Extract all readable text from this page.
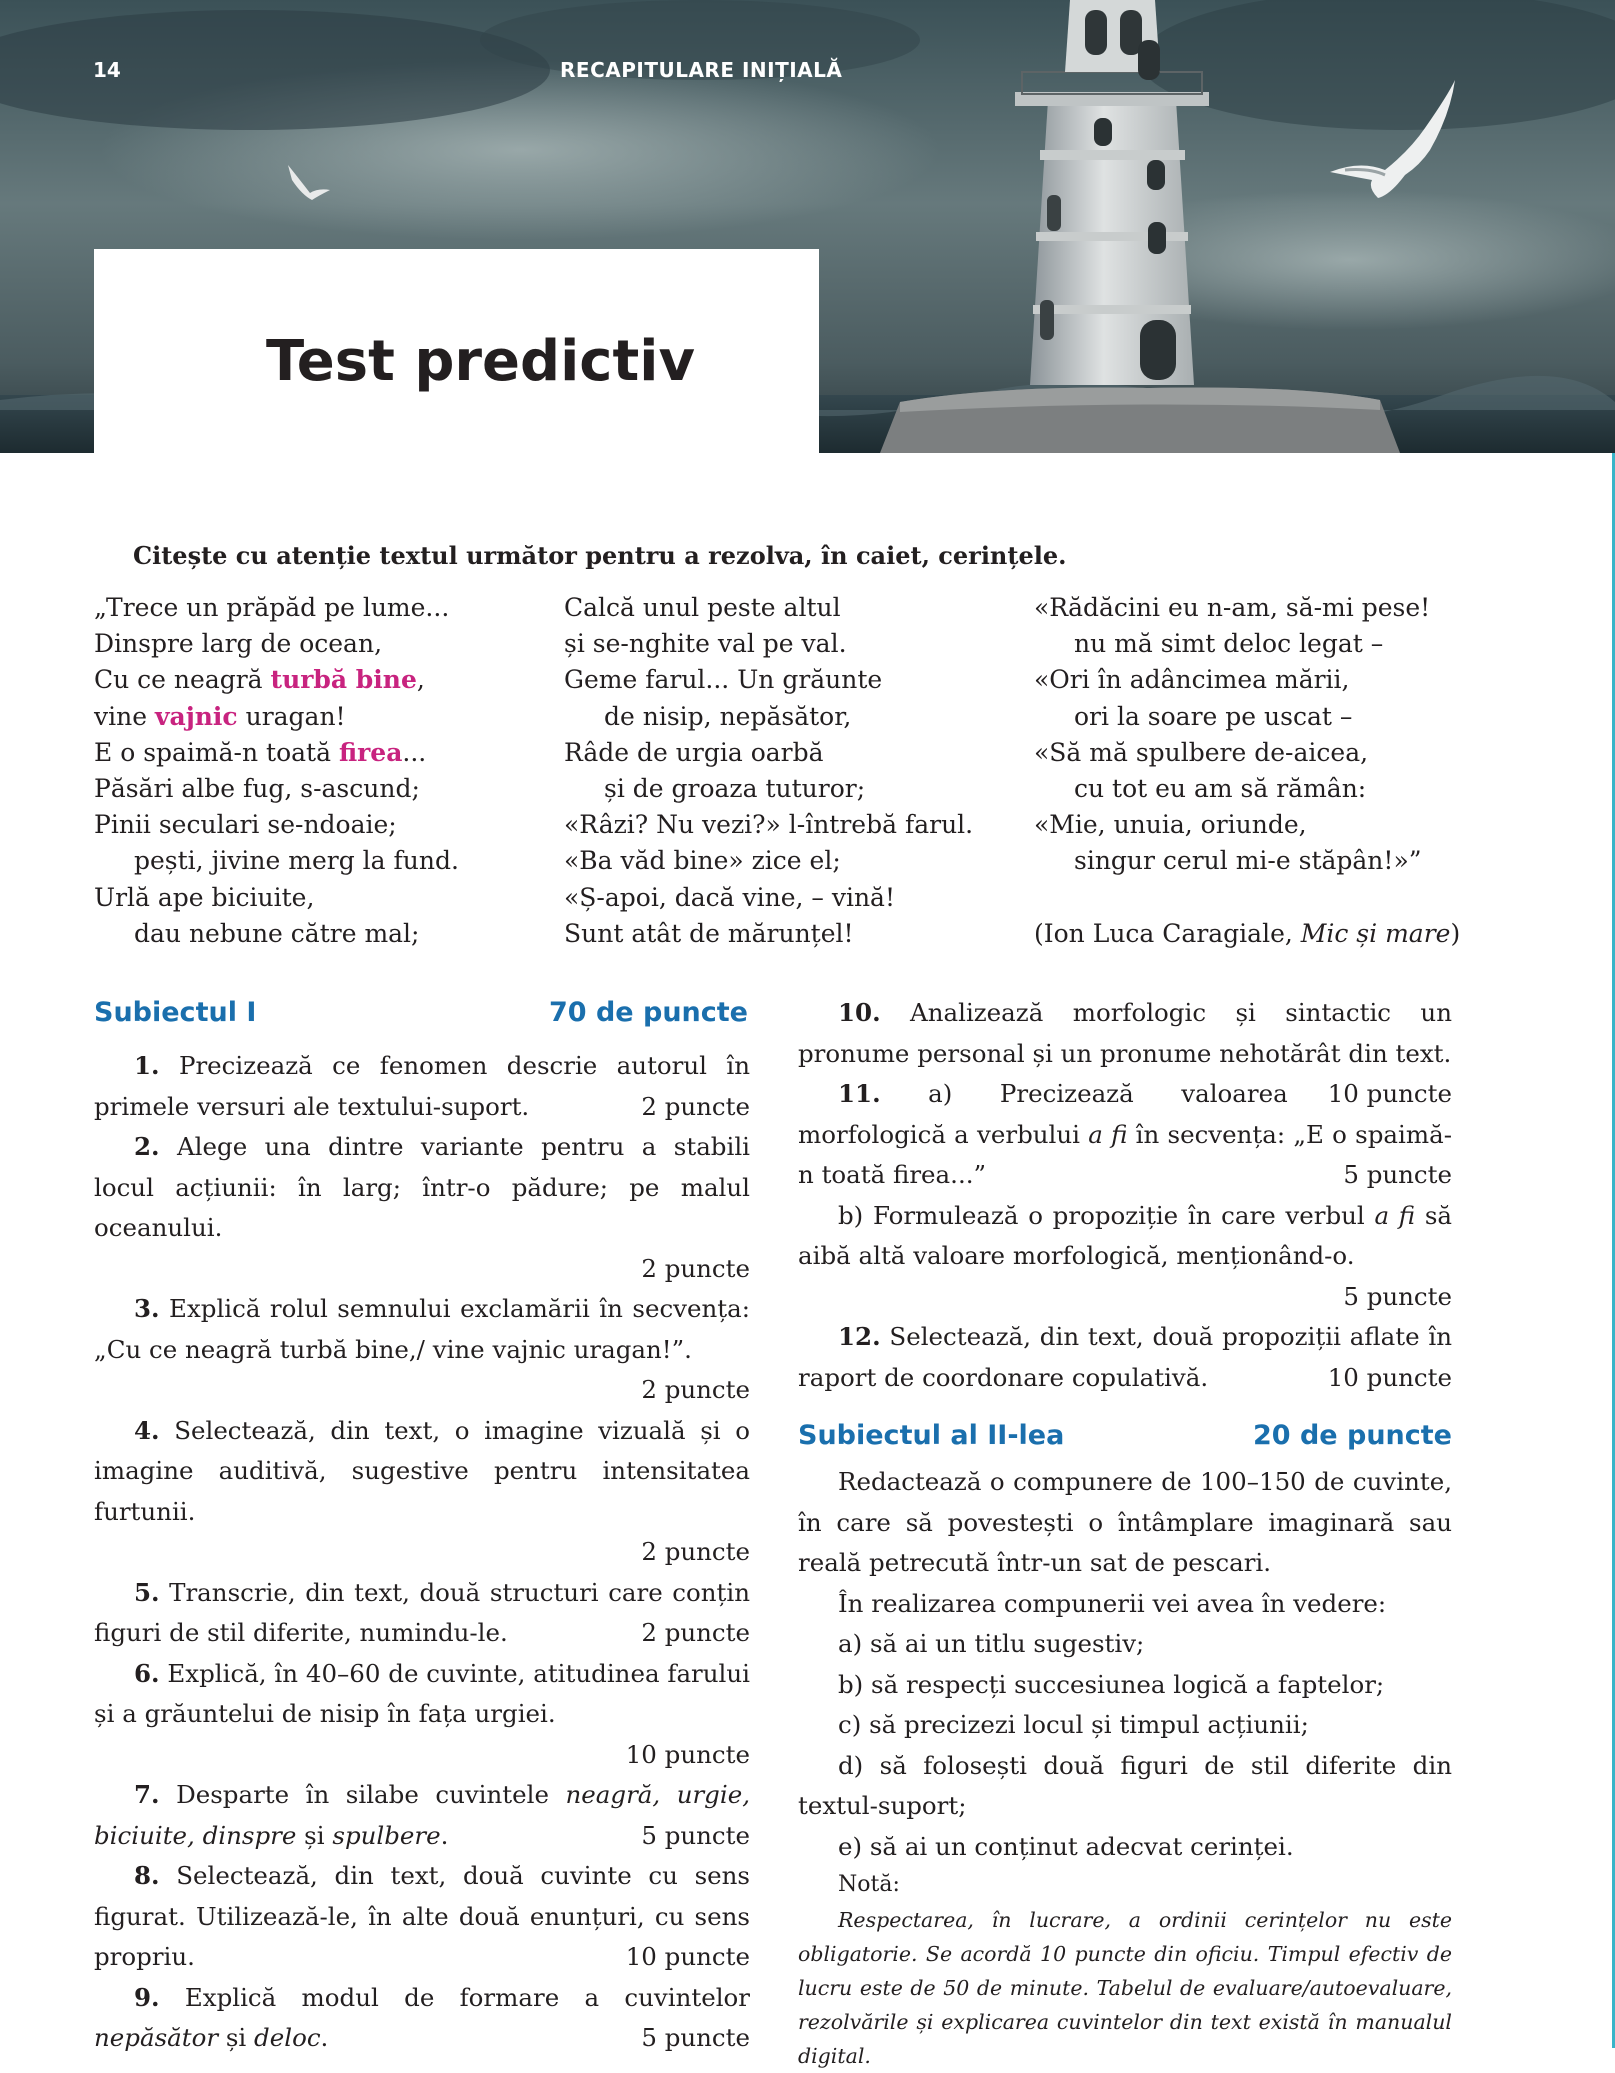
14	RECAPITULARE INIȚIALĂ
Test predictiv

Citește cu atenție textul următor pentru a rezolva, în caiet, cerințele.

„Trece un prăpăd pe lume...
Dinspre larg de ocean,
Cu ce neagră turbă bine,
vine vajnic uragan!
E o spaimă-n toată firea...
Păsări albe fug, s-ascund;
Pinii seculari se-ndoaie;
pești, jivine merg la fund.
Urlă ape biciuite,
dau nebune către mal;
Calcă unul peste altul
și se-nghite val pe val.
Geme farul... Un grăunte
de nisip, nepăsător,
Râde de urgia oarbă
și de groaza tuturor;
«Râzi? Nu vezi?» l-întrebă farul.
«Ba văd bine» zice el;
«Ș-apoi, dacă vine, – vină!
Sunt atât de mărunțel!
«Rădăcini eu n-am, să-mi pese!
nu mă simt deloc legat –
«Ori în adâncimea mării,
ori la soare pe uscat –
«Să mă spulbere de-aicea,
cu tot eu am să rămân:
«Mie, unuia, oriunde,
singur cerul mi-e stăpân!»”
(Ion Luca Caragiale, Mic și mare)
Subiectul I	70 de puncte

1. Precizează ce fenomen descrie autorul în primele versuri ale textului-suport.	2 puncte

2. Alege una dintre variante pentru a stabili locul acțiunii: în larg; într-o pădure; pe malul oceanului.

2 puncte

3. Explică rolul semnului exclamării în secvența: „Cu ce neagră turbă bine,/ vine vajnic uragan!”.

2 puncte

4. Selectează, din text, o imagine vizuală și o imagine auditivă, sugestive pentru intensitatea furtunii.

2 puncte

5. Transcrie, din text, două structuri care conțin figuri de stil diferite, numindu-le.	2 puncte

6. Explică, în 40–60 de cuvinte, atitudinea farului și a grăuntelui de nisip în fața urgiei.

10 puncte

7. Desparte în silabe cuvintele neagră, urgie, biciuite, dinspre și spulbere.	5 puncte

8. Selectează, din text, două cuvinte cu sens figurat. Utilizează-le, în alte două enunțuri, cu sens propriu.	10 puncte

9. Explică modul de formare a cuvintelor nepăsător și deloc.	5 puncte

10. Analizează morfologic și sintactic un pronume personal și un pronume nehotărât din text.
10 puncte

11. a) Precizează valoarea morfologică a verbului a fi în secvența: „E o spaimă-n toată firea...”	5 puncte

b) Formulează o propoziție în care verbul a fi să aibă altă valoare morfologică, menționând-o.

5 puncte

12. Selectează, din text, două propoziții aflate în raport de coordonare copulativă.	10 puncte

Subiectul al II-lea	20 de puncte

Redactează o compunere de 100–150 de cuvinte, în care să povestești o întâmplare imaginară sau reală petrecută într-un sat de pescari.

În realizarea compunerii vei avea în vedere:

a) să ai un titlu sugestiv;

b) să respecți succesiunea logică a faptelor;

c) să precizezi locul și timpul acțiunii;

d) să folosești două figuri de stil diferite din textul-suport;

e) să ai un conținut adecvat cerinței.

Notă:

Respectarea, în lucrare, a ordinii cerințelor nu este obligatorie. Se acordă 10 puncte din oficiu. Timpul efectiv de lucru este de 50 de minute. Tabelul de evaluare/autoevaluare, rezolvările și explicarea cuvintelor din text există în manualul digital.
